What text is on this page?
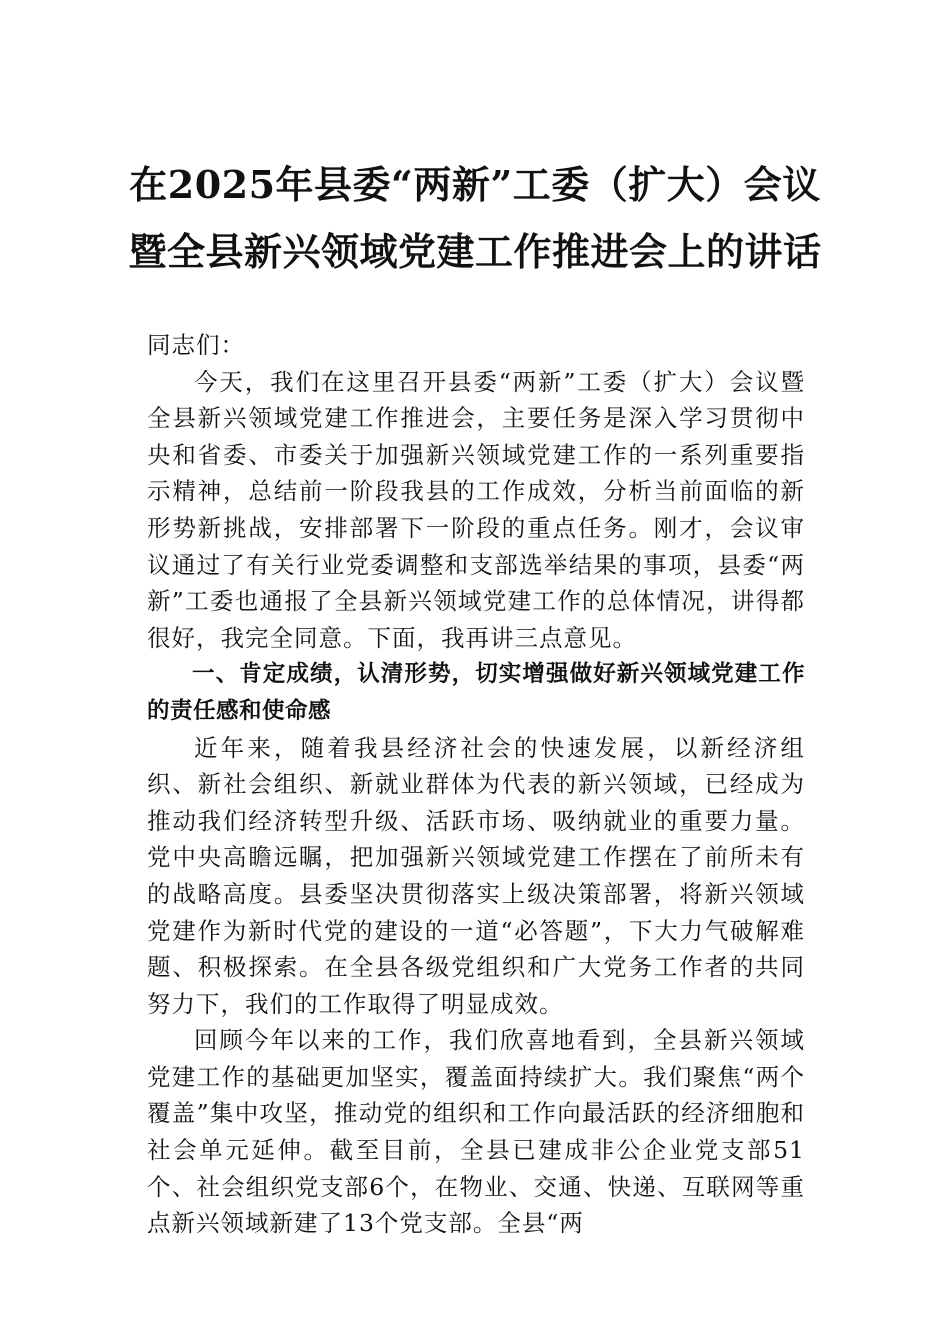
在2025年县委“两新”工委（扩大）会议
暨全县新兴领域党建工作推进会上的讲话

同志们：

今天，我们在这里召开县委“两新”工委（扩大）会议暨全县新兴领域党建工作推进会，主要任务是深入学习贯彻中央和省委、市委关于加强新兴领域党建工作的一系列重要指示精神，总结前一阶段我县的工作成效，分析当前面临的新形势新挑战，安排部署下一阶段的重点任务。刚才，会议审议通过了有关行业党委调整和支部选举结果的事项，县委“两新”工委也通报了全县新兴领域党建工作的总体情况，讲得都很好，我完全同意。下面，我再讲三点意见。

一、肯定成绩，认清形势，切实增强做好新兴领域党建工作的责任感和使命感

近年来，随着我县经济社会的快速发展，以新经济组织、新社会组织、新就业群体为代表的新兴领域，已经成为推动我们经济转型升级、活跃市场、吸纳就业的重要力量。党中央高瞻远瞩，把加强新兴领域党建工作摆在了前所未有的战略高度。县委坚决贯彻落实上级决策部署，将新兴领域党建作为新时代党的建设的一道“必答题”，下大力气破解难题、积极探索。在全县各级党组织和广大党务工作者的共同努力下，我们的工作取得了明显成效。

回顾今年以来的工作，我们欣喜地看到，全县新兴领域党建工作的基础更加坚实，覆盖面持续扩大。我们聚焦“两个覆盖”集中攻坚，推动党的组织和工作向最活跃的经济细胞和社会单元延伸。截至目前，全县已建成非公企业党支部51个、社会组织党支部6个，在物业、交通、快递、互联网等重点新兴领域新建了13个党支部。全县“两
